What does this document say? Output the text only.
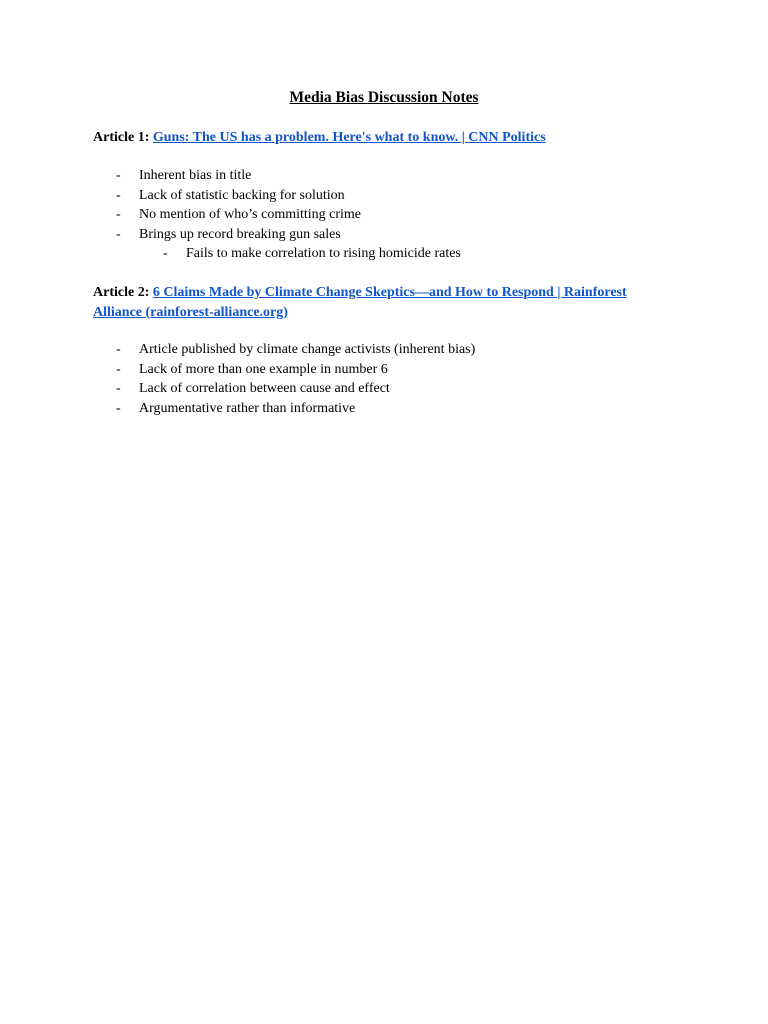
Media Bias Discussion Notes
Article 1: Guns: The US has a problem. Here's what to know. | CNN Politics
- Inherent bias in title
- Lack of statistic backing for solution
- No mention of who’s committing crime
- Brings up record breaking gun sales
- Fails to make correlation to rising homicide rates
Article 2: 6 Claims Made by Climate Change Skeptics—and How to Respond | Rainforest Alliance (rainforest-alliance.org)
- Article published by climate change activists (inherent bias)
- Lack of more than one example in number 6
- Lack of correlation between cause and effect
- Argumentative rather than informative
